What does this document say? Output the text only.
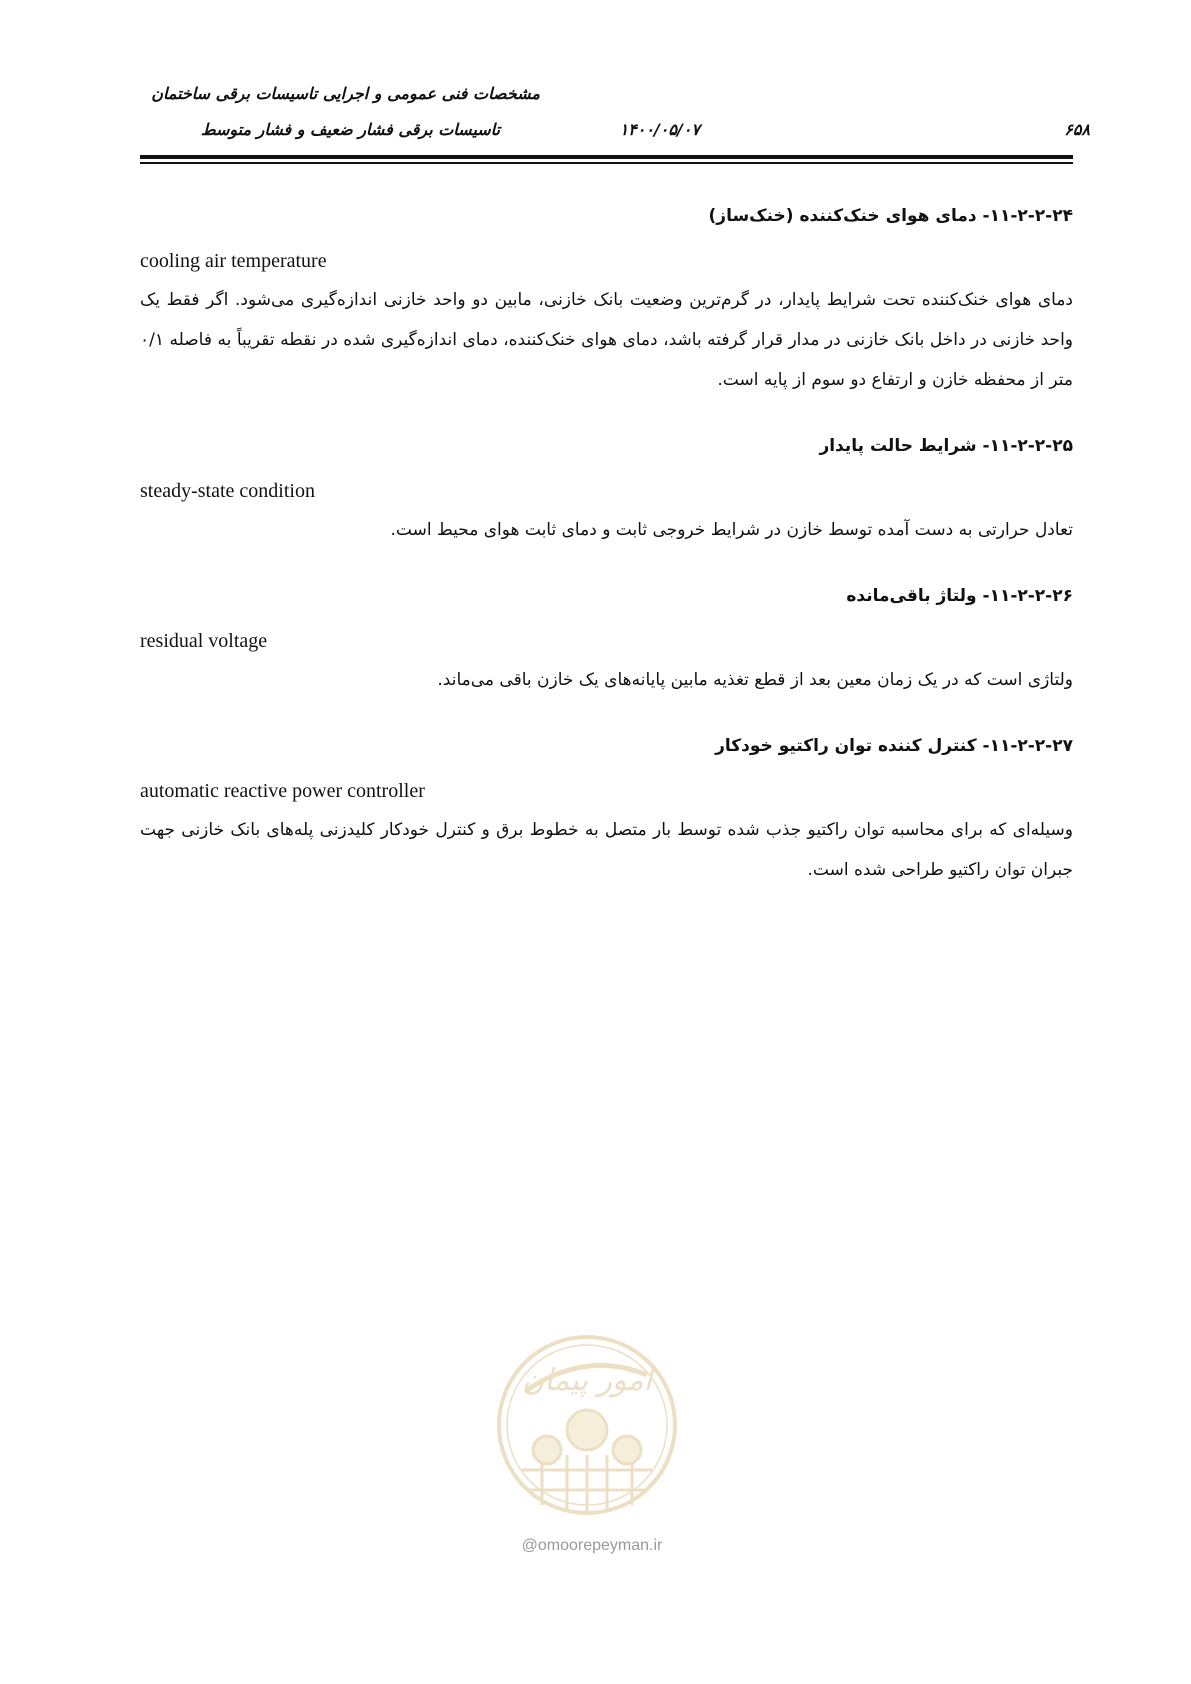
مشخصات فنی عمومی و اجرایی تاسیسات برقی ساختمان
۶۵۸
۱۴۰۰/۰۵/۰۷
تاسیسات برقی فشار ضعیف و فشار متوسط
۱۱-۲-۲-۲۴- دمای هوای خنک‌کننده (خنک‌ساز)
cooling air temperature
دمای هوای خنک‌کننده تحت شرایط پایدار، در گرم‌ترین وضعیت بانک خازنی، مابین دو واحد خازنی اندازه‌گیری می‌شود. اگر فقط یک واحد خازنی در داخل بانک خازنی در مدار قرار گرفته باشد، دمای هوای خنک‌کننده، دمای اندازه‌گیری شده در نقطه تقریباً به فاصله ۰/۱ متر از محفظه خازن و ارتفاع دو سوم از پایه است.
۱۱-۲-۲-۲۵- شرایط حالت پایدار
steady-state condition
تعادل حرارتی به دست آمده توسط خازن در شرایط خروجی ثابت و دمای ثابت هوای محیط است.
۱۱-۲-۲-۲۶- ولتاژ باقی‌مانده
residual voltage
ولتاژی است که در یک زمان معین بعد از قطع تغذیه مابین پایانه‌های یک خازن باقی می‌ماند.
۱۱-۲-۲-۲۷- کنترل کننده توان راکتیو خودکار
automatic reactive power controller
وسیله‌ای که برای محاسبه توان راکتیو جذب شده توسط بار متصل به خطوط برق و کنترل خودکار کلیدزنی پله‌های بانک خازنی جهت جبران توان راکتیو طراحی شده است.
امور پیمان
@omoorepeyman.ir
